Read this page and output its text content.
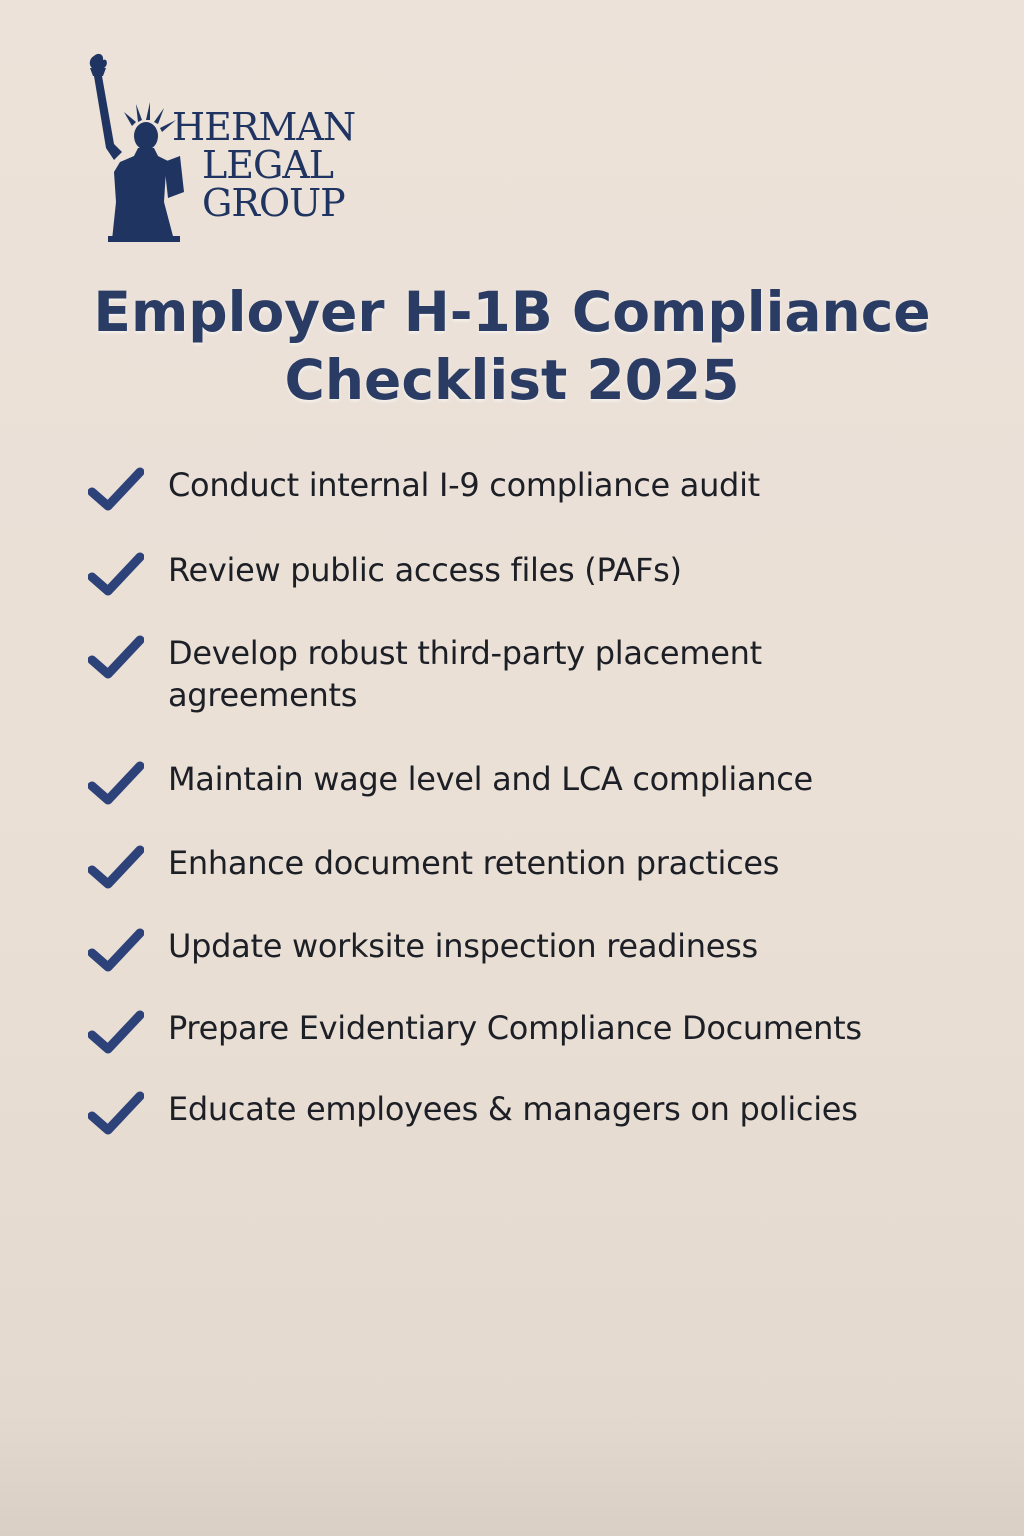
HERMAN
LEGAL
GROUP
Employer H-1B Compliance
Checklist 2025
Conduct internal I-9 compliance audit
Review public access files (PAFs)
Develop robust third-party placement agreements
Maintain wage level and LCA compliance
Enhance document retention practices
Update worksite inspection readiness
Prepare Evidentiary Compliance Documents
Educate employees & managers on policies
